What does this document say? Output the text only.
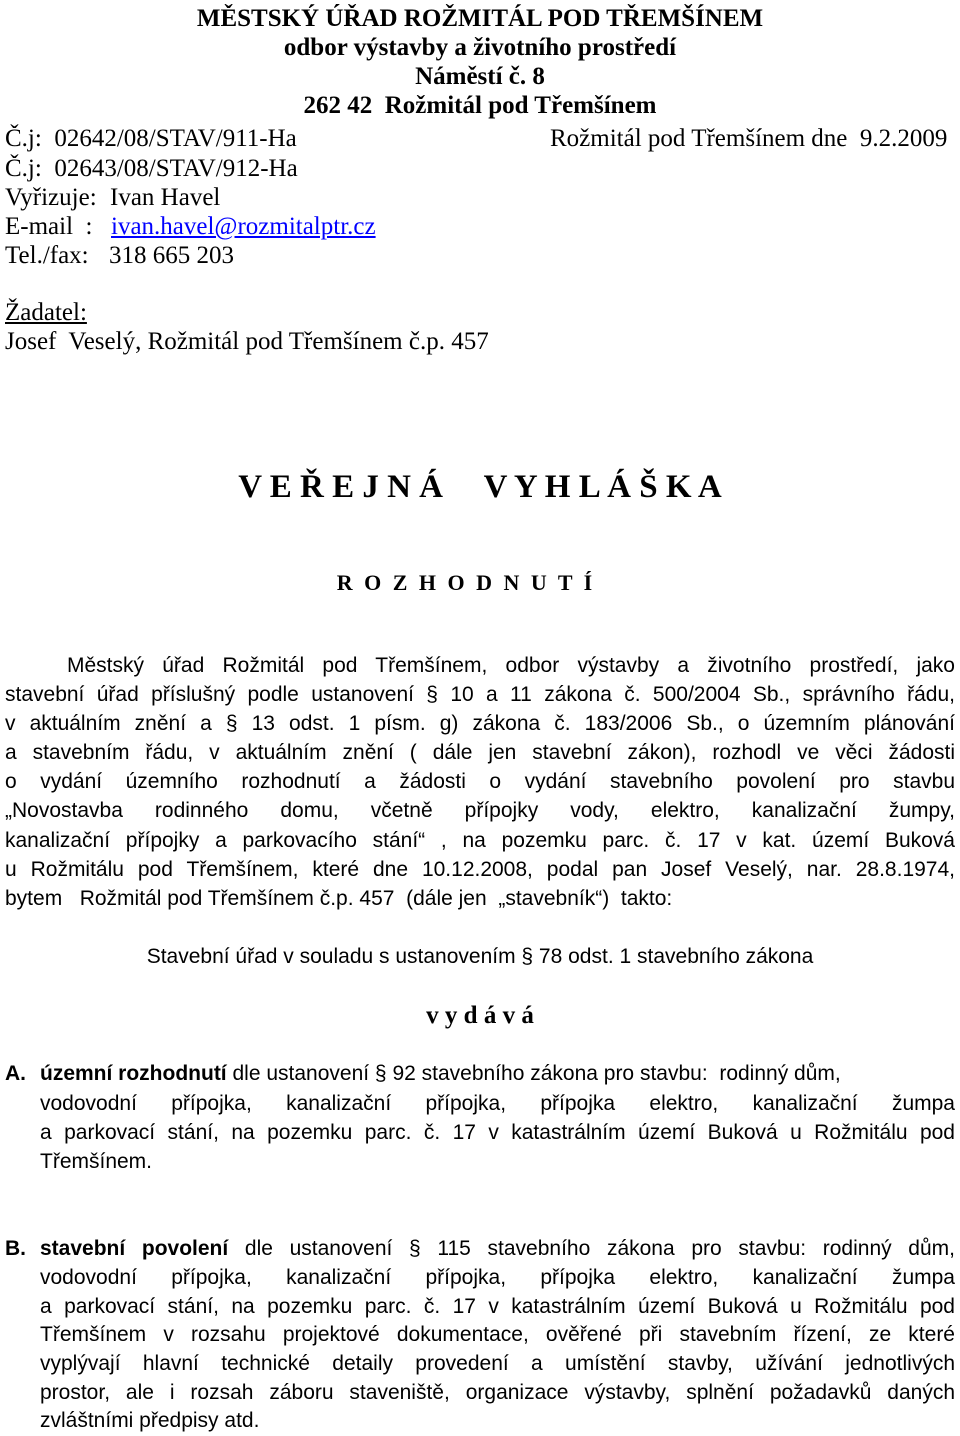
MĚSTSKÝ ÚŘAD ROŽMITÁL POD TŘEMŠÍNEM
odbor výstavby a životního prostředí
Náměstí č. 8
262 42  Rožmitál pod Třemšínem
Č.j:  02642/08/STAV/911-Ha	Rožmitál pod Třemšínem dne  9.2.2009
Č.j:  02643/08/STAV/912-Ha
Vyřizuje: Ivan Havel
E-mail  : ivan.havel@rozmitalptr.cz
Tel./fax: 318 665 203
Žadatel:
Josef  Veselý, Rožmitál pod Třemšínem č.p. 457
V E Ř E J N Á     V Y H L Á Š K A
R O Z H O D N U T Í
Městský úřad Rožmitál pod Třemšínem, odbor výstavby a životního prostředí, jako
stavební úřad příslušný podle ustanovení § 10 a 11 zákona č. 500/2004 Sb., správního řádu,
v aktuálním znění a § 13 odst. 1 písm. g) zákona č. 183/2006 Sb., o územním plánování
a stavebním řádu, v aktuálním znění ( dále jen stavební zákon), rozhodl ve věci žádosti
o vydání územního rozhodnutí a žádosti o vydání stavebního povolení pro stavbu
„Novostavba rodinného domu, včetně přípojky vody, elektro, kanalizační žumpy,
kanalizační přípojky a parkovacího stání“ , na pozemku parc. č. 17 v kat. území Buková
u Rožmitálu pod Třemšínem, které dne 10.12.2008, podal pan Josef Veselý, nar. 28.8.1974,
bytem   Rožmitál pod Třemšínem č.p. 457  (dále jen  „stavebník“)  takto:
Stavební úřad v souladu s ustanovením § 78 odst. 1 stavebního zákona
v y d á v á
A. územní rozhodnutí dle ustanovení § 92 stavebního zákona pro stavbu:  rodinný dům,
vodovodní přípojka, kanalizační přípojka, přípojka elektro, kanalizační žumpa
a parkovací stání, na pozemku parc. č. 17 v katastrálním území Buková u Rožmitálu pod
Třemšínem.
B. stavební povolení dle ustanovení § 115 stavebního zákona pro stavbu: rodinný dům,
vodovodní přípojka, kanalizační přípojka, přípojka elektro, kanalizační žumpa
a parkovací stání, na pozemku parc. č. 17 v katastrálním území Buková u Rožmitálu pod
Třemšínem v rozsahu projektové dokumentace, ověřené při stavebním řízení, ze které
vyplývají hlavní technické detaily provedení a umístění stavby, užívání jednotlivých
prostor, ale i rozsah záboru staveniště, organizace výstavby, splnění požadavků daných
zvláštními předpisy atd.
